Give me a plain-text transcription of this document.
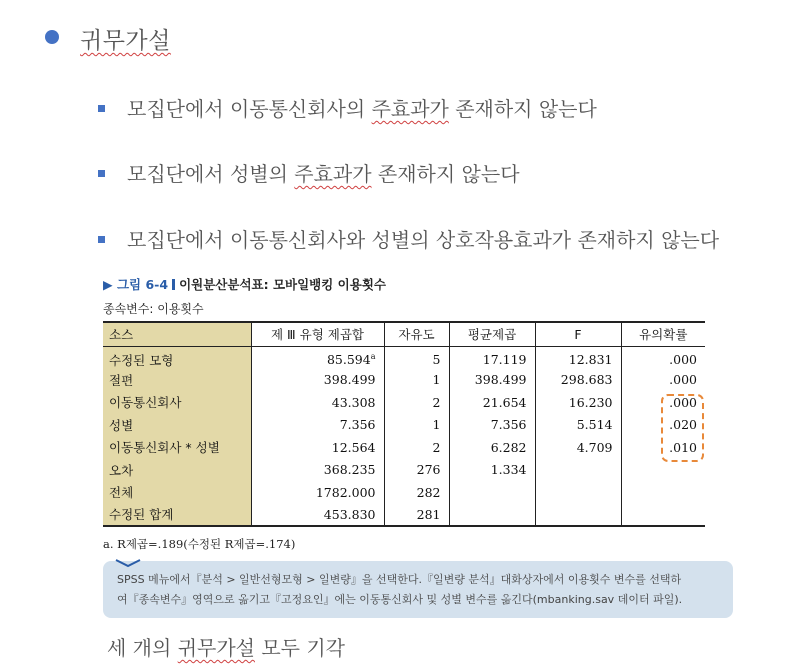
귀무가설
모집단에서 이동통신회사의 주효과가 존재하지 않는다
모집단에서 성별의 주효과가 존재하지 않는다
모집단에서 이동통신회사와 성별의 상호작용효과가 존재하지 않는다
▶ 그림 6-4 이원분산분석표: 모바일뱅킹 이용횟수
종속변수: 이용횟수
소스	제 Ⅲ 유형 제곱합	자유도	평균제곱	F	유의확률
수정된 모형	85.594$^a$	5	17.119	12.831	.000
절편	398.499	1	398.499	298.683	.000
이동통신회사	43.308	2	21.654	16.230	.000
성별	7.356	1	7.356	5.514	.020
이동통신회사 * 성별	12.564	2	6.282	4.709	.010
오차	368.235	276	1.334		
전체	1782.000	282			
수정된 합계	453.830	281			
a. R제곱=.189(수정된 R제곱=.174)
SPSS 메뉴에서『분석 > 일반선형모형 > 일변량』을 선택한다.『일변량 분석』대화상자에서 이용횟수 변수를 선택하
여『종속변수』영역으로 옮기고『고정요인』에는 이동통신회사 및 성별 변수를 옮긴다(mbanking.sav 데이터 파일).
세 개의 귀무가설 모두 기각
